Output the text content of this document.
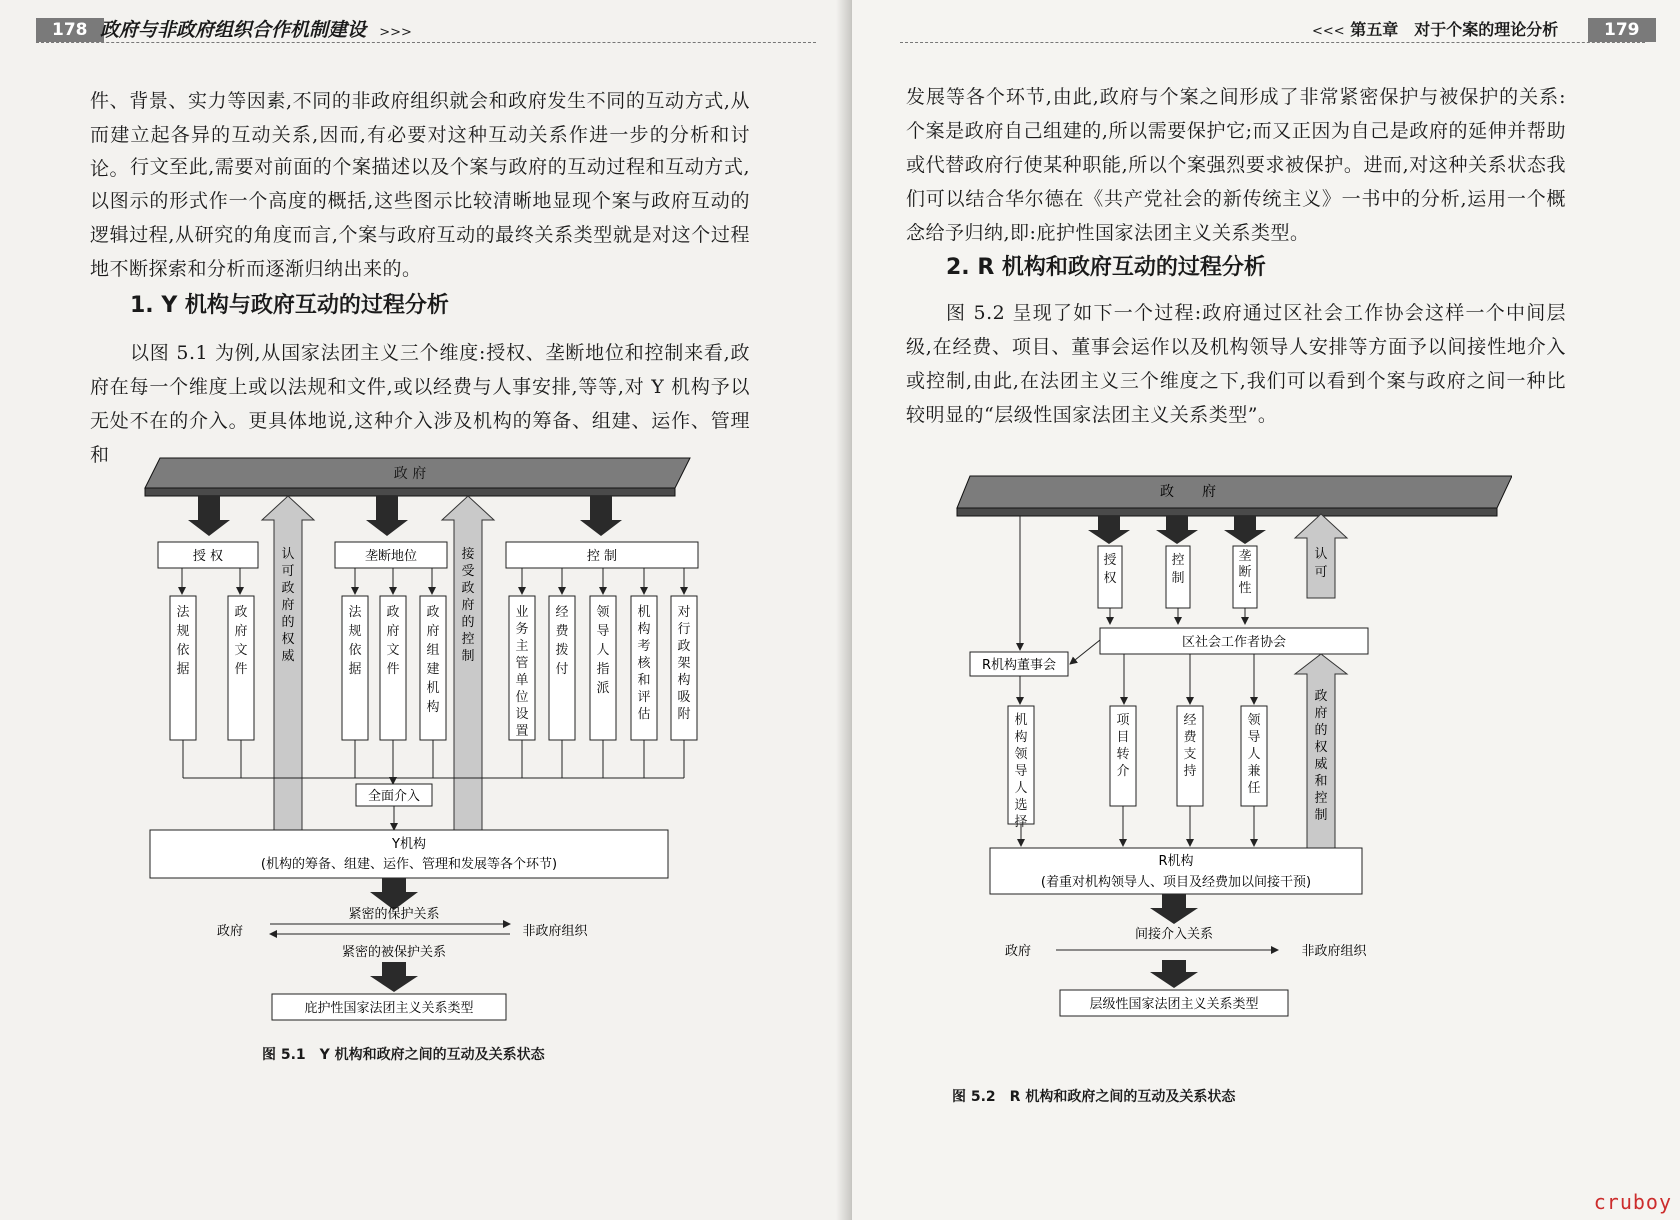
178 政府与非政府组织合作机制建设 >>>
件、背景、实力等因素,不同的非政府组织就会和政府发生不同的互动方式,从而建立起各异的互动关系,因而,有必要对这种互动关系作进一步的分析和讨论。 行文至此,需要对前面的个案描述以及个案与政府的互动过程和互动方式,以图示的形式作一个高度的概括,这些图示比较清晰地显现个案与政府互动的逻辑过程,从研究的角度而言,个案与政府互动的最终关系类型就是对这个过程地不断探索和分析而逐渐归纳出来的。
1. Y 机构与政府互动的过程分析
以图 5.1 为例,从国家法团主义三个维度:授权、垄断地位和控制来看,政府在每一个维度上或以法规和文件,或以经费与人事安排,等等,对 Y 机构予以无处不在的介入。更具体地说,这种介入涉及机构的筹备、组建、运作、管理和
政 府
授 权	垄断地位	控 制
法规依据
政府文件
法规依据
政府文件
政府组建机构
业务主管单位设置
经费拨付
领导人指派
机构考核和评估
对行政架构吸附
全面介入
Y机构
(机构的筹备、组建、运作、管理和发展等各个环节)
紧密的保护关系
政府	非政府组织
紧密的被保护关系
庇护性国家法团主义关系类型
认可政府的权威
接受政府的控制
图 5.1　Y 机构和政府之间的互动及关系状态
<<< 第五章　对于个案的理论分析	179
发展等各个环节,由此,政府与个案之间形成了非常紧密保护与被保护的关系:个案是政府自己组建的,所以需要保护它;而又正因为自己是政府的延伸并帮助或代替政府行使某种职能,所以个案强烈要求被保护。进而,对这种关系状态我们可以结合华尔德在《共产党社会的新传统主义》一书中的分析,运用一个概念给予归纳,即:庇护性国家法团主义关系类型。
2. R 机构和政府互动的过程分析
图 5.2 呈现了如下一个过程:政府通过区社会工作协会这样一个中间层级,在经费、项目、董事会运作以及机构领导人安排等方面予以间接性地介入或控制,由此,在法团主义三个维度之下,我们可以看到个案与政府之间一种比较明显的“层级性国家法团主义关系类型”。
政　　府
授权
控制
垄断性
区社会工作者协会
R机构董事会
机构领导人选择
项目转介
经费支持
领导人兼任
R机构
(着重对机构领导人、项目及经费加以间接干预)
间接介入关系
政府	非政府组织
层级性国家法团主义关系类型
认可
政府的权威和控制
图 5.2　R 机构和政府之间的互动及关系状态
cruboy
